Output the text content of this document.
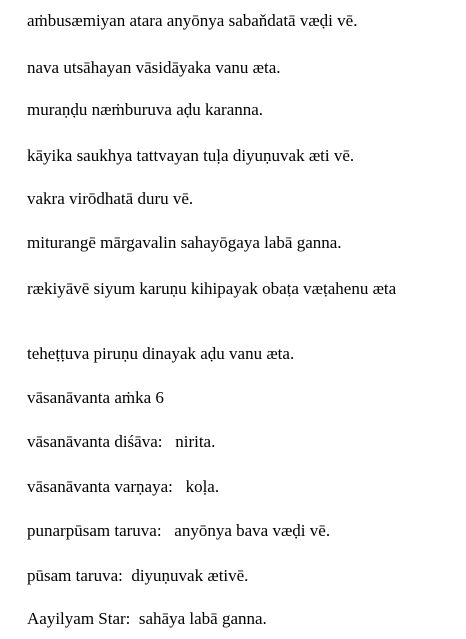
aṁbusæmiyan atara anyōnya sabaňdatā væḍi vē.

nava utsāhayan vāsidāyaka vanu æta.

muraṇḍu næṁburuva aḍu karanna.

kāyika saukhya tattvayan tuḷa diyuṇuvak æti vē.

vakra virōdhatā duru vē.

miturangē mārgavalin sahayōgaya labā ganna.

rækiyāvē siyum karuṇu kihipayak obaṭa væṭahenu æta

teheṭṭuva piruṇu dinayak aḍu vanu æta.

vāsanāvanta aṁka 6

vāsanāvanta diśāva:   nirita.

vāsanāvanta varṇaya:   koḷa.

punarpūsam taruva:   anyōnya bava væḍi vē.

pūsam taruva:  diyuṇuvak ætivē.

Aayilyam Star:  sahāya labā ganna.
